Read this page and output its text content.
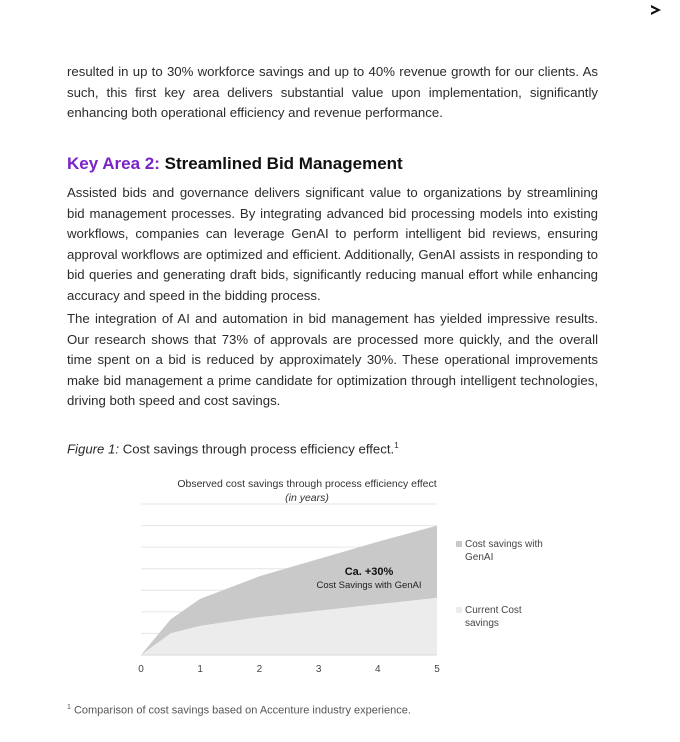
resulted in up to 30% workforce savings and up to 40% revenue growth for our clients. As such, this first key area delivers substantial value upon implementation, significantly enhancing both operational efficiency and revenue performance.

Key Area 2: Streamlined Bid Management

Assisted bids and governance delivers significant value to organizations by streamlining bid management processes. By integrating advanced bid processing models into existing workflows, companies can leverage GenAI to perform intelligent bid reviews, ensuring approval workflows are optimized and efficient. Additionally, GenAI assists in responding to bid queries and generating draft bids, significantly reducing manual effort while enhancing accuracy and speed in the bidding process.

The integration of AI and automation in bid management has yielded impressive results. Our research shows that 73% of approvals are processed more quickly, and the overall time spent on a bid is reduced by approximately 30%. These operational improvements make bid management a prime candidate for optimization through intelligent technologies, driving both speed and cost savings.

Figure 1: Cost savings through process efficiency effect.$^1$
Observed cost savings through process efficiency effect
(in years)
0	1	2	3	4	5
Ca. +30%
Cost Savings with GenAI
Cost savings with GenAI
Current Cost savings
$^1$ Comparison of cost savings based on Accenture industry experience.
